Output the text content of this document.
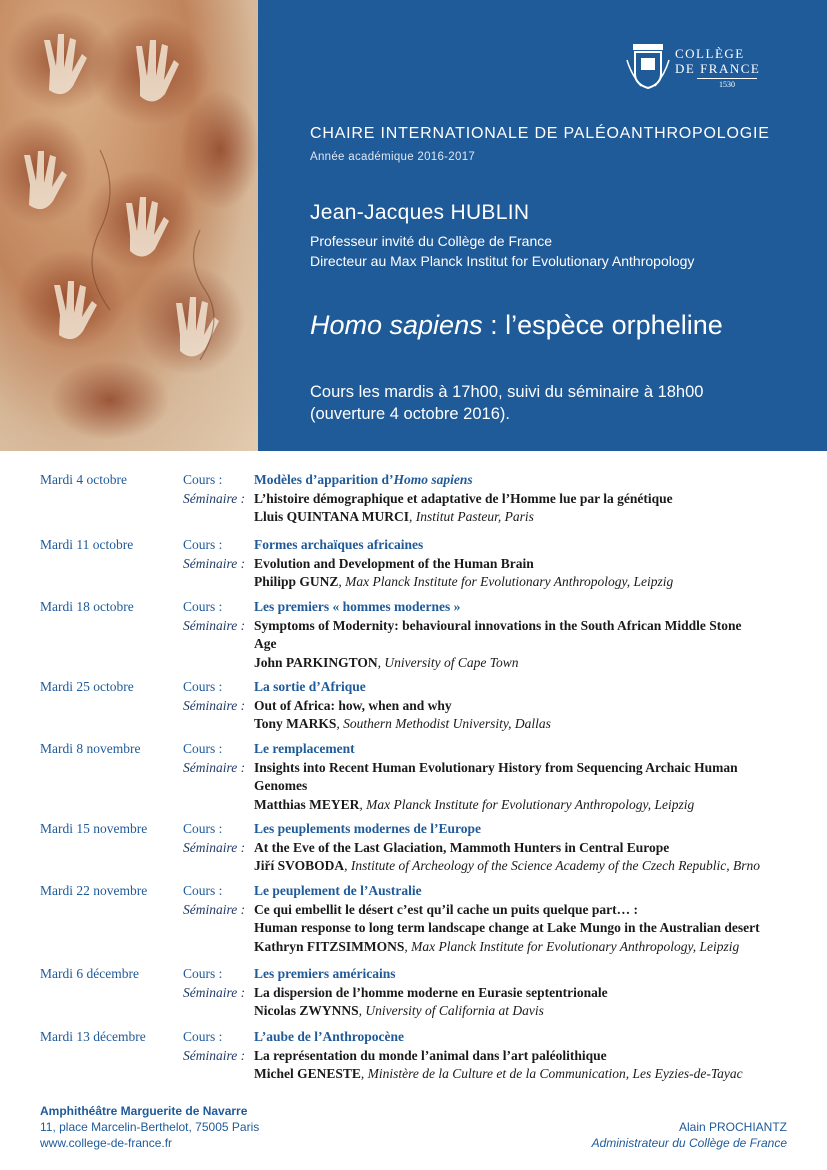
COLLÈGE
DE FRANCE
1530
CHAIRE INTERNATIONALE DE PALÉOANTHROPOLOGIE
Année académique 2016-2017
Jean-Jacques HUBLIN
Professeur invité du Collège de France
Directeur au Max Planck Institut for Evolutionary Anthropology
Homo sapiens : l’espèce orpheline
Cours les mardis à 17h00, suivi du séminaire à 18h00
(ouverture 4 octobre 2016).
Mardi 4 octobre	Cours : Modèles d’apparition d’Homo sapiens
Séminaire : L’histoire démographique et adaptative de l’Homme lue par la génétique
Lluis QUINTANA MURCI, Institut Pasteur, Paris
Mardi 11 octobre	Cours : Formes archaïques africaines
Séminaire : Evolution and Development of the Human Brain
Philipp GUNZ, Max Planck Institute for Evolutionary Anthropology, Leipzig
Mardi 18 octobre	Cours : Les premiers « hommes modernes »
Séminaire : Symptoms of Modernity: behavioural innovations in the South African Middle Stone
Age
John PARKINGTON, University of Cape Town
Mardi 25 octobre	Cours : La sortie d’Afrique
Séminaire : Out of Africa: how, when and why
Tony MARKS, Southern Methodist University, Dallas
Mardi 8 novembre	Cours : Le remplacement
Séminaire : Insights into Recent Human Evolutionary History from Sequencing Archaic Human
Genomes
Matthias MEYER, Max Planck Institute for Evolutionary Anthropology, Leipzig
Mardi 15 novembre	Cours : Les peuplements modernes de l’Europe
Séminaire : At the Eve of the Last Glaciation, Mammoth Hunters in Central Europe
Jiří SVOBODA, Institute of Archeology of the Science Academy of the Czech Republic, Brno
Mardi 22 novembre	Cours : Le peuplement de l’Australie
Séminaire : Ce qui embellit le désert c’est qu’il cache un puits quelque part… :
Human response to long term landscape change at Lake Mungo in the Australian desert
Kathryn FITZSIMMONS, Max Planck Institute for Evolutionary Anthropology, Leipzig
Mardi 6 décembre	Cours : Les premiers américains
Séminaire : La dispersion de l’homme moderne en Eurasie septentrionale
Nicolas ZWYNNS, University of California at Davis
Mardi 13 décembre	Cours : L’aube de l’Anthropocène
Séminaire : La représentation du monde l’animal dans l’art paléolithique
Michel GENESTE, Ministère de la Culture et de la Communication, Les Eyzies-de-Tayac
Amphithéâtre Marguerite de Navarre
11, place Marcelin-Berthelot, 75005 Paris
www.college-de-france.fr
Alain PROCHIANTZ
Administrateur du Collège de France
